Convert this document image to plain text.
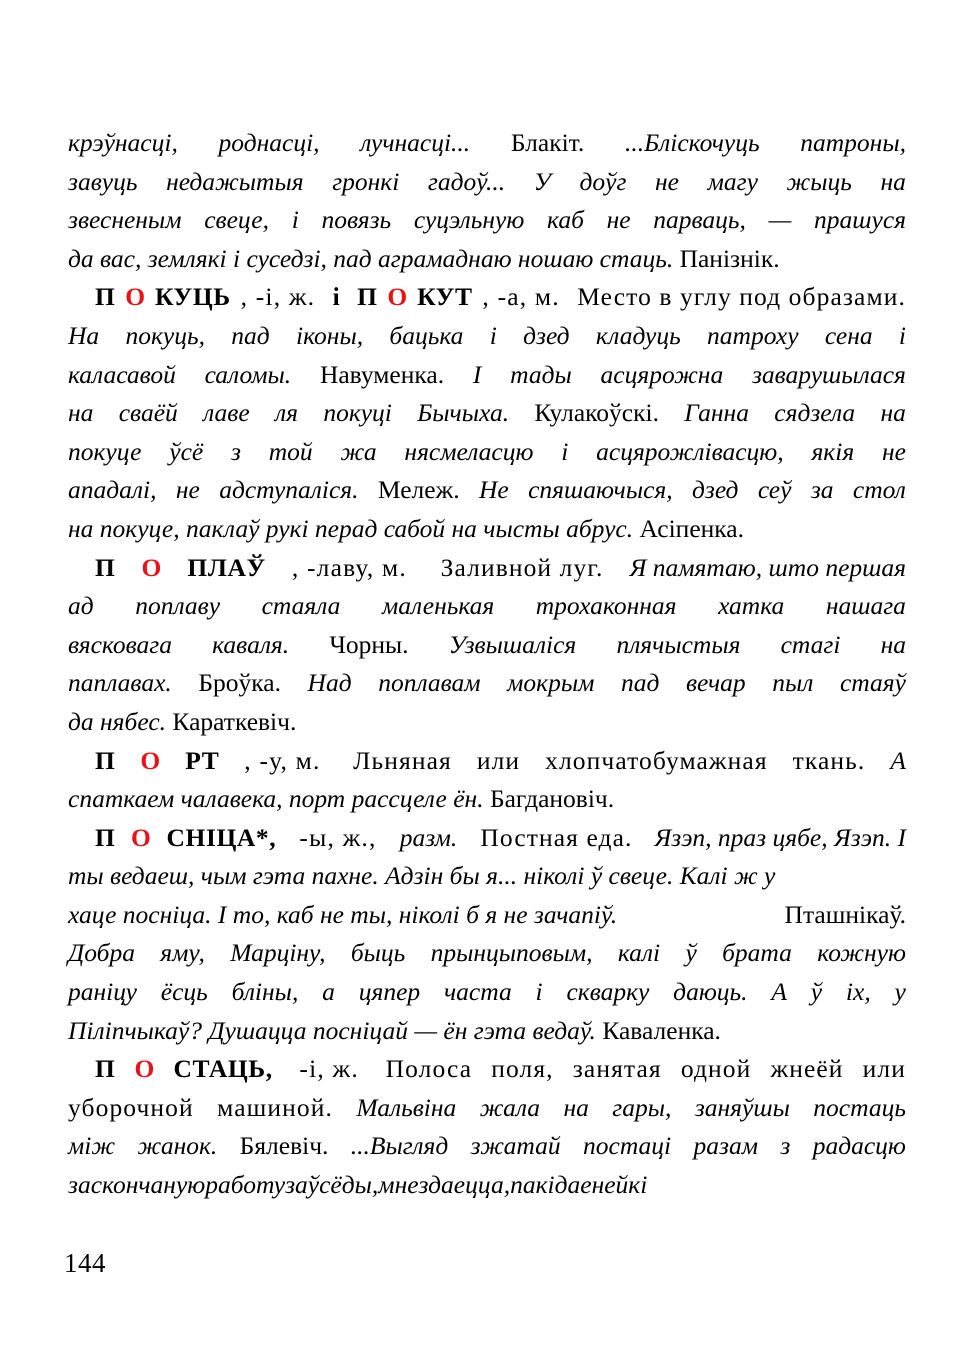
крэўнасці, роднасці, лучнасці... Блакіт. ...Бліскочуць патроны,
завуць недажытыя гронкі гадоў... У доўг не магу жыць на
звесненым свеце, і повязь суцэльную каб не парваць, — прашуся
да вас, землякі і суседзі, пад аграмаднаю ношаю стаць. Панізнік.
П О КУЦЬ , -і, ж. і П О КУТ , -а, м. Место в углу под образами.
На покуць, пад іконы, бацька і дзед кладуць патроху сена і
каласавой саломы. Навуменка. І тады асцярожна заварушылася
на сваёй лаве ля покуці Бычыха. Кулакоўскі. Ганна сядзела на
покуце ўсё з той жа нясмеласцю і асцярожлівасцю, якія не
ападалі, не адступаліся. Мележ. Не спяшаючыся, дзед сеў за стол
на покуце, паклаў рукі перад сабой на чысты абрус. Асіпенка.
П О ПЛАЎ , -лаву, м. Заливной луг. Я памятаю, што першая
ад поплаву стаяла маленькая трохаконная хатка нашага
вясковага каваля. Чорны. Узвышаліся плячыстыя стагі на
паплавах. Броўка. Над поплавам мокрым пад вечар пыл стаяў
да нябес. Караткевіч.
П О РТ , -у, м. Льняная или хлопчатобумажная ткань. А
спаткаем чалавека, порт рассцеле ён. Багдановіч.
П О СНІЦА*, -ы, ж., разм. Постная еда. Язэп, праз цябе, Язэп. І
ты ведаеш, чым гэта пахне. Адзін бы я... ніколі ў свеце. Калі ж у
хаце посніца. І то, каб не ты, ніколі б я не зачапіў.	Пташнікаў.
Добра яму, Марціну, быць прынцыповым, калі ў брата кожную
раніцу ёсць бліны, а цяпер часта і скварку даюць. А ў іх, у
Піліпчыкаў? Душацца посніцай — ён гэта ведаў. Каваленка.
П О СТАЦЬ, -і, ж. Полоса поля, занятая одной жнеёй или
уборочной машиной. Мальвіна жала на гары, заняўшы постаць
між жанок. Бялевіч. ...Выгляд зжатай постаці разам з радасцю
за скончаную работу заўсёды, мне здаецца, пакідае нейкі
144
